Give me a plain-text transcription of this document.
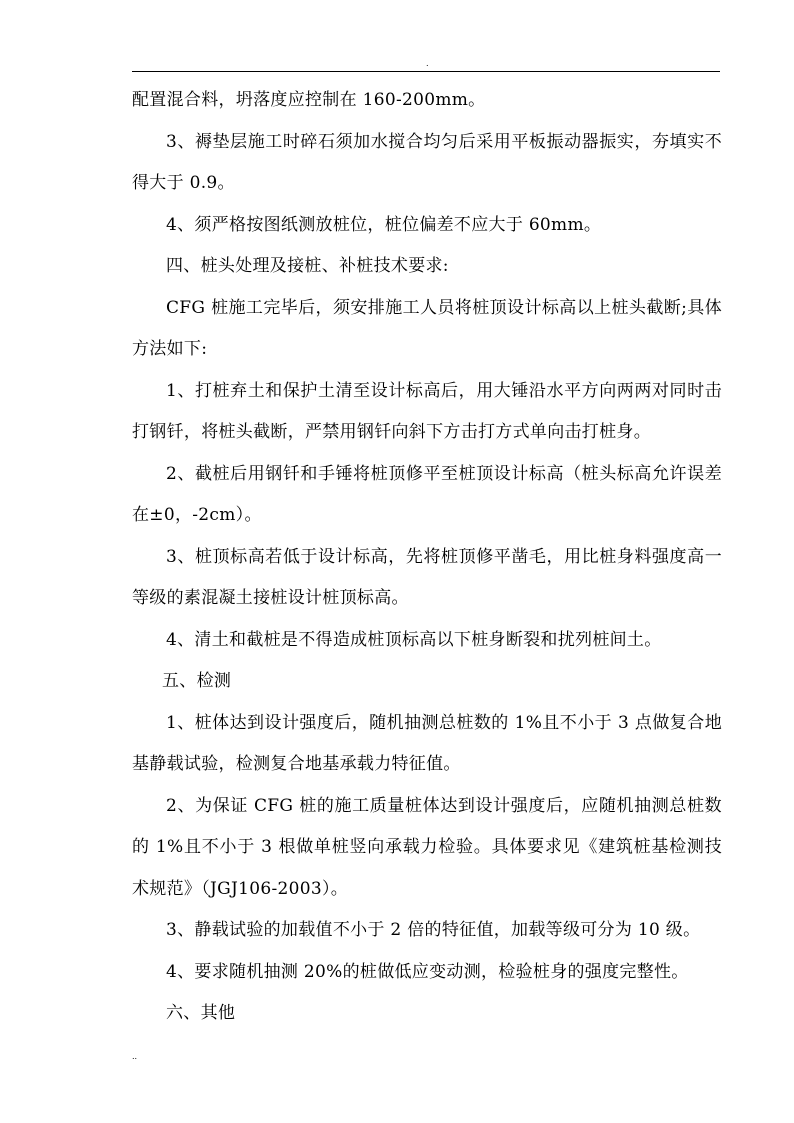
.

配置混合料，坍落度应控制在 160-200mm。

3、褥垫层施工时碎石须加水搅合均匀后采用平板振动器振实，夯填实不得大于 0.9。

4、须严格按图纸测放桩位，桩位偏差不应大于 60mm。

四、桩头处理及接桩、补桩技术要求:

CFG 桩施工完毕后，须安排施工人员将桩顶设计标高以上桩头截断;具体方法如下:

1、打桩弃土和保护土清至设计标高后，用大锤沿水平方向两两对同时击打钢钎，将桩头截断，严禁用钢钎向斜下方击打方式单向击打桩身。

2、截桩后用钢钎和手锤将桩顶修平至桩顶设计标高（桩头标高允许误差在±0，-2cm）。

3、桩顶标高若低于设计标高，先将桩顶修平凿毛，用比桩身料强度高一等级的素混凝土接桩设计桩顶标高。

4、清土和截桩是不得造成桩顶标高以下桩身断裂和扰列桩间土。

五、检测

1、桩体达到设计强度后，随机抽测总桩数的 1%且不小于 3 点做复合地基静载试验，检测复合地基承载力特征值。

2、为保证 CFG 桩的施工质量桩体达到设计强度后，应随机抽测总桩数的 1%且不小于 3 根做单桩竖向承载力检验。具体要求见《建筑桩基检测技术规范》（JGJ106-2003）。

3、静载试验的加载值不小于 2 倍的特征值，加载等级可分为 10 级。

4、要求随机抽测 20%的桩做低应变动测，检验桩身的强度完整性。

六、其他

..
